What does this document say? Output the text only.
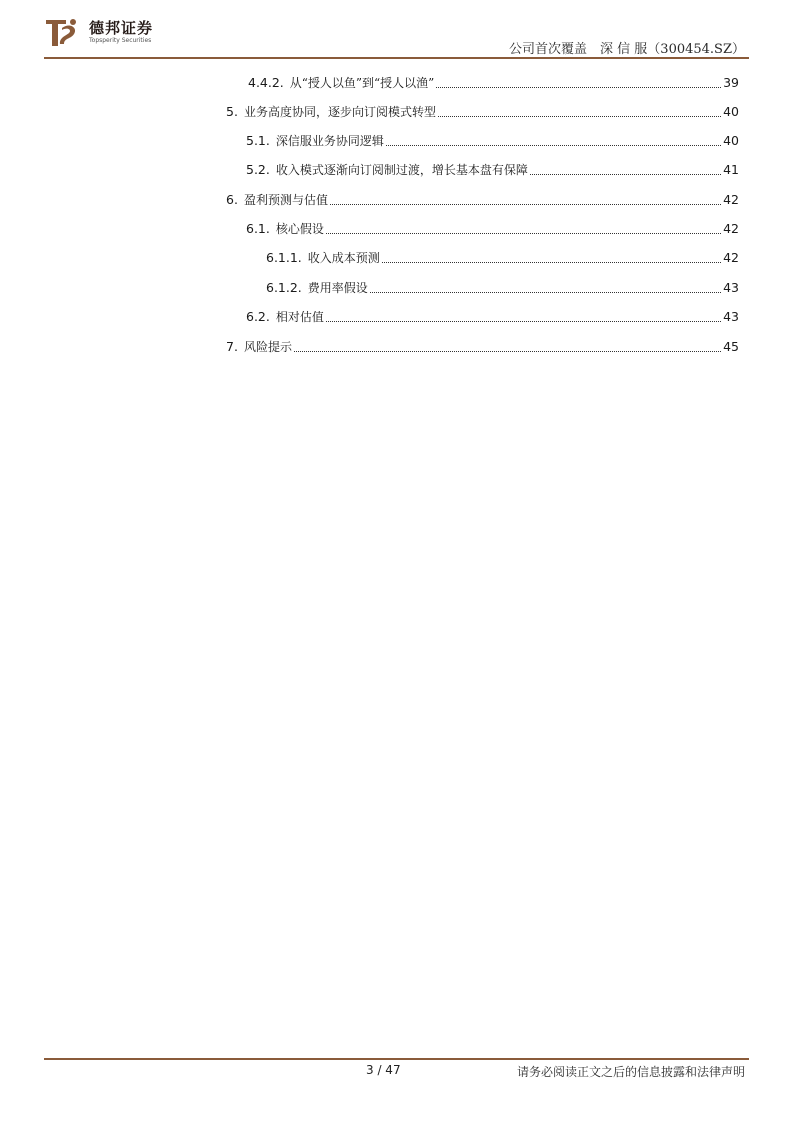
德邦证券
Topsperity Securities
公司首次覆盖　深 信 服（300454.SZ）
4.4.2. 从“授人以鱼”到“授人以渔”	39
5. 业务高度协同，逐步向订阅模式转型	40
5.1. 深信服业务协同逻辑	40
5.2. 收入模式逐渐向订阅制过渡，增长基本盘有保障	41
6. 盈利预测与估值	42
6.1. 核心假设	42
6.1.1. 收入成本预测	42
6.1.2. 费用率假设	43
6.2. 相对估值	43
7. 风险提示	45
3 / 47	请务必阅读正文之后的信息披露和法律声明
